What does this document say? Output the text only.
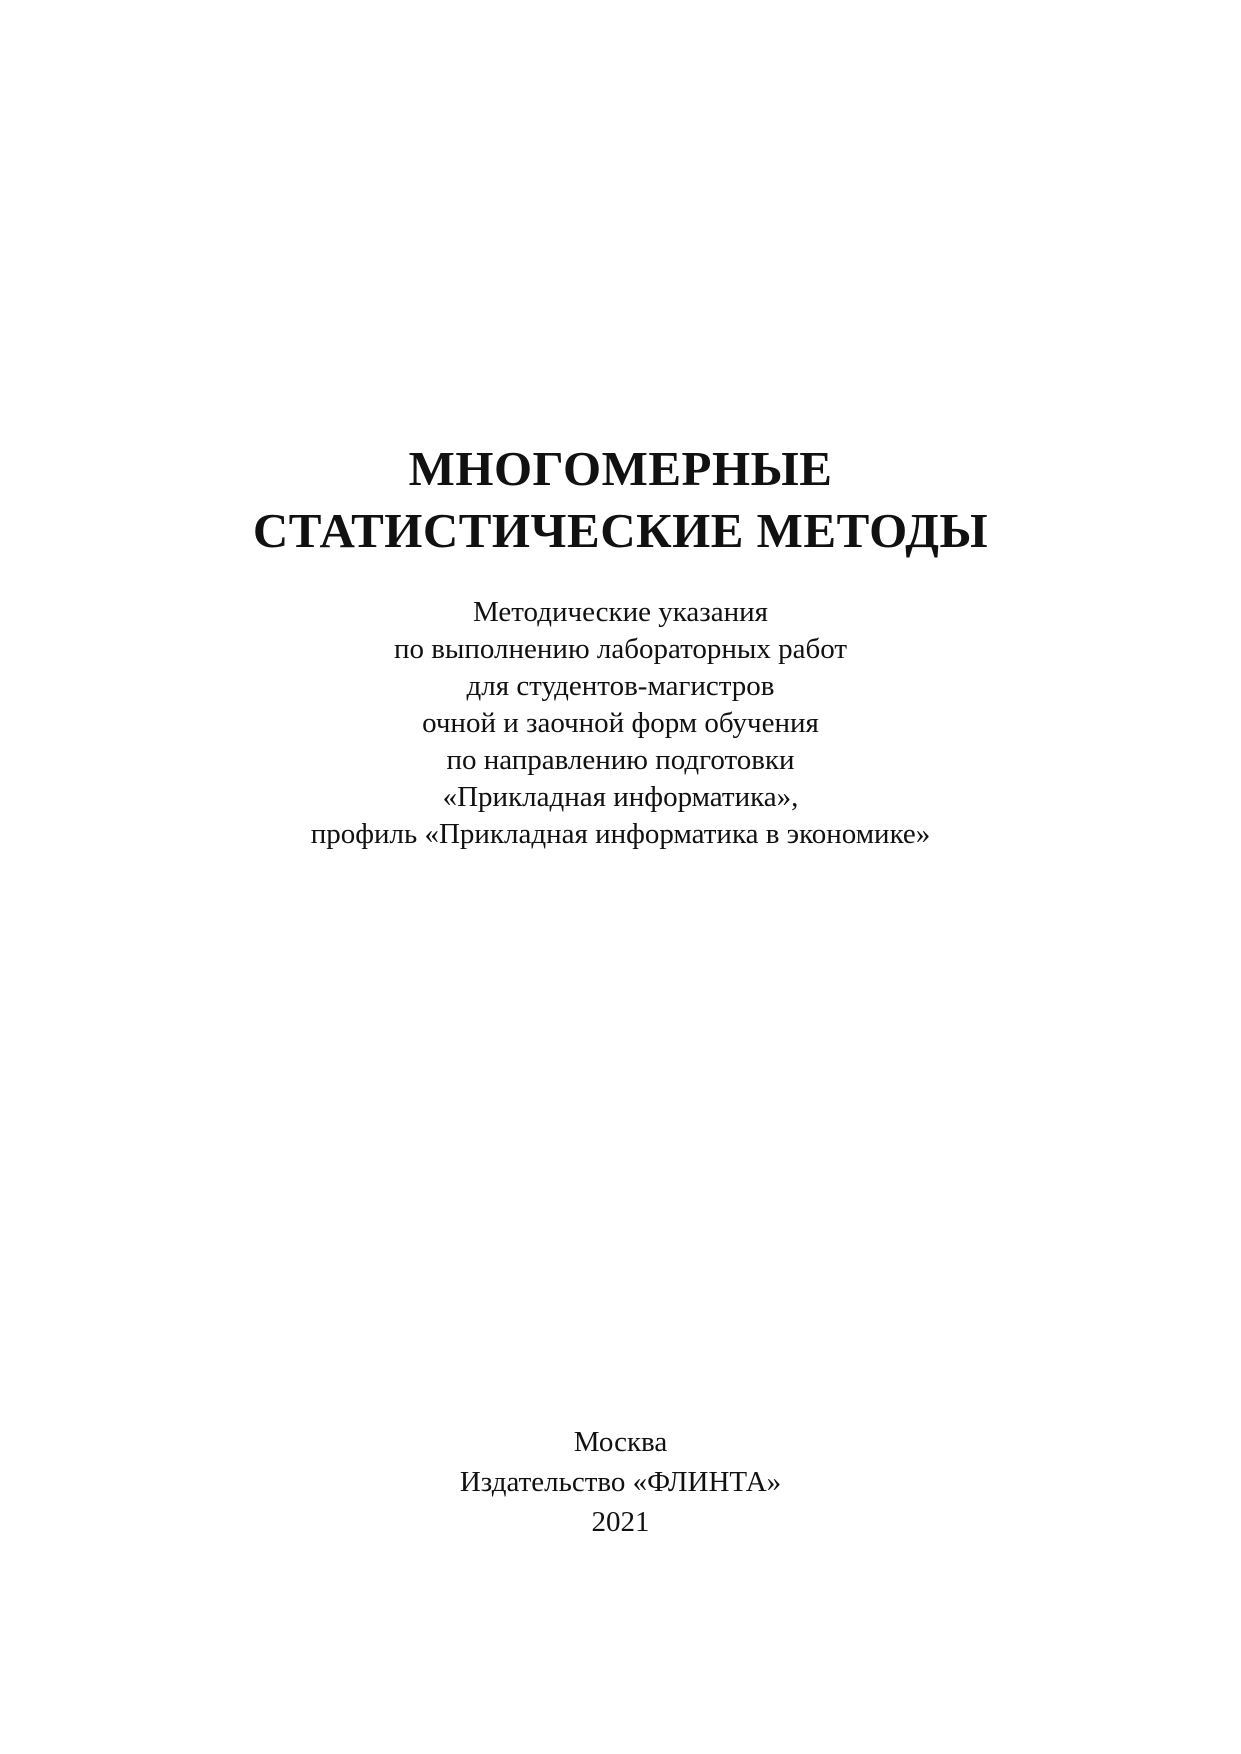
МНОГОМЕРНЫЕ
СТАТИСТИЧЕСКИЕ МЕТОДЫ
Методические указания
по выполнению лабораторных работ
для студентов-магистров
очной и заочной форм обучения
по направлению подготовки
«Прикладная информатика»,
профиль «Прикладная информатика в экономике»
Москва
Издательство «ФЛИНТА»
2021
